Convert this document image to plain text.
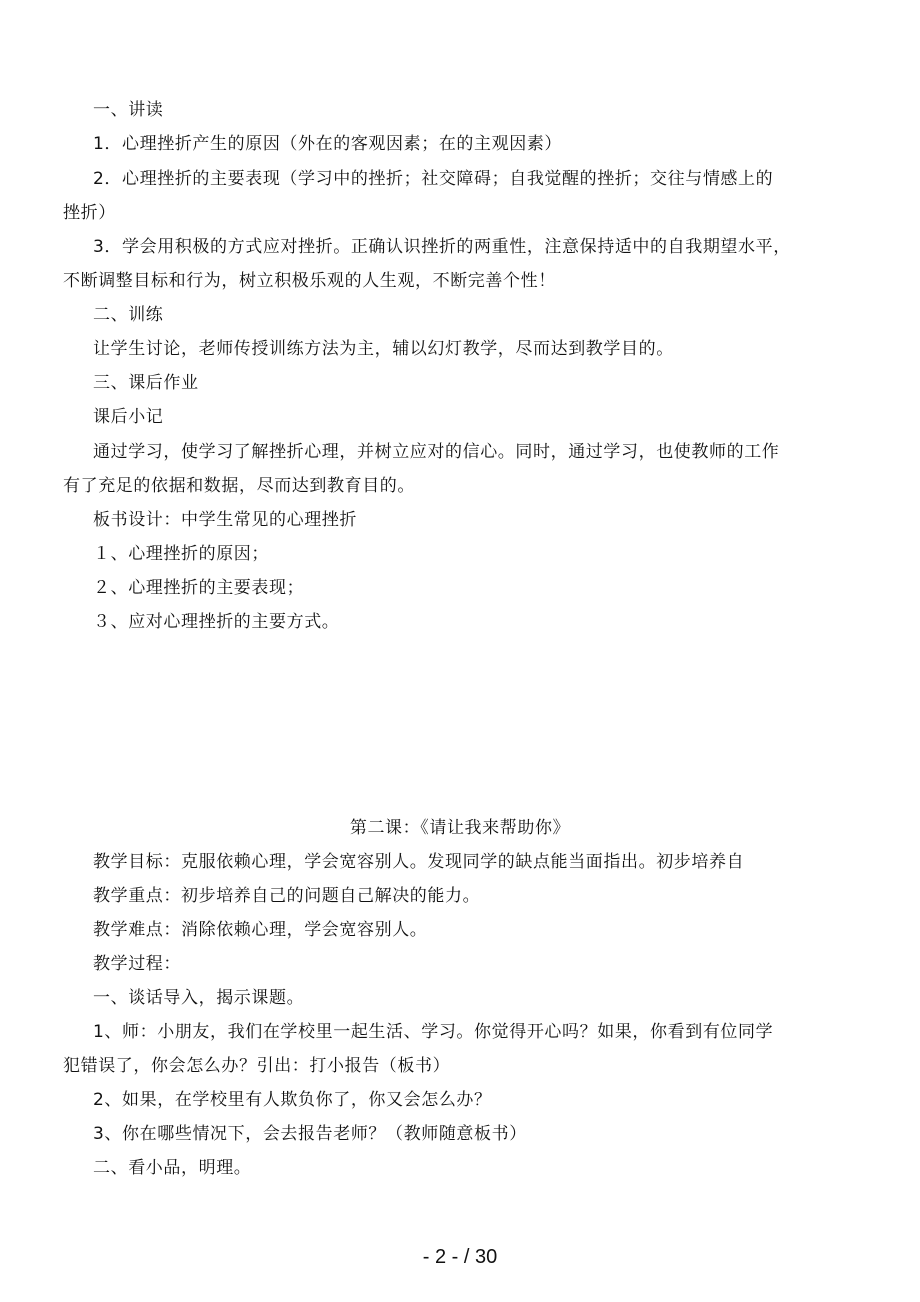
一、讲读
1．心理挫折产生的原因（外在的客观因素；在的主观因素）
2．心理挫折的主要表现（学习中的挫折；社交障碍；自我觉醒的挫折；交往与情感上的
挫折）
3．学会用积极的方式应对挫折。正确认识挫折的两重性，注意保持适中的自我期望水平，
不断调整目标和行为，树立积极乐观的人生观，不断完善个性！
二、训练
让学生讨论，老师传授训练方法为主，辅以幻灯教学，尽而达到教学目的。
三、课后作业
课后小记
通过学习，使学习了解挫折心理，并树立应对的信心。同时，通过学习，也使教师的工作
有了充足的依据和数据，尽而达到教育目的。
板书设计：中学生常见的心理挫折
１、心理挫折的原因；
２、心理挫折的主要表现；
３、应对心理挫折的主要方式。
第二课：《请让我来帮助你》
教学目标：克服依赖心理，学会宽容别人。发现同学的缺点能当面指出。初步培养自
教学重点：初步培养自己的问题自己解决的能力。
教学难点：消除依赖心理，学会宽容别人。
教学过程：
一、谈话导入，揭示课题。
1、师：小朋友，我们在学校里一起生活、学习。你觉得开心吗？如果，你看到有位同学
犯错误了，你会怎么办？引出：打小报告（板书）
2、如果，在学校里有人欺负你了，你又会怎么办？
3、你在哪些情况下，会去报告老师？（教师随意板书）
二、看小品，明理。
- 2 - / 30
